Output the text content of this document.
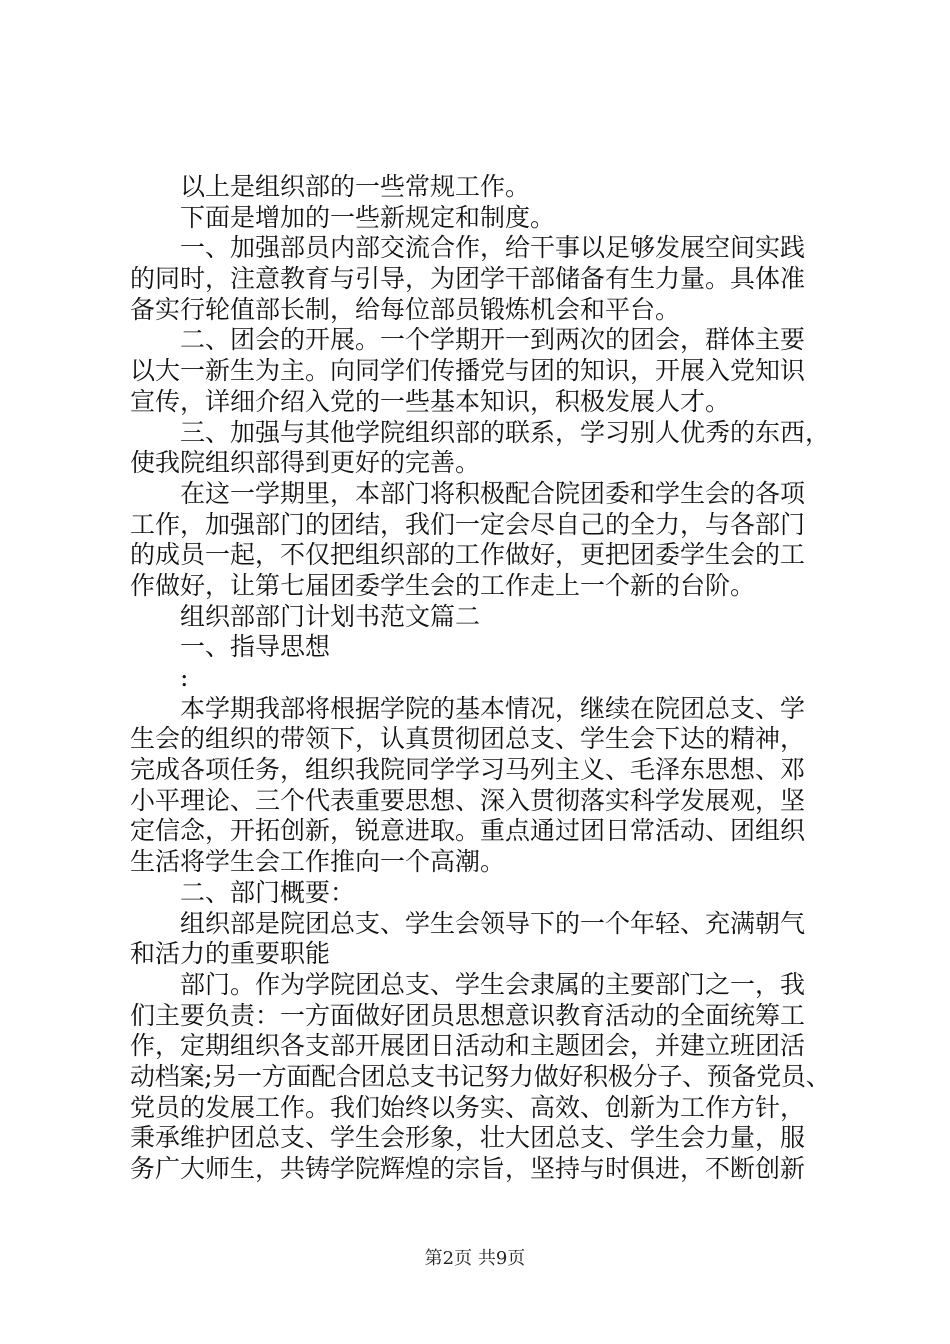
以上是组织部的一些常规工作。
下面是增加的一些新规定和制度。
一、加强部员内部交流合作，给干事以足够发展空间实践
的同时，注意教育与引导，为团学干部储备有生力量。具体准
备实行轮值部长制，给每位部员锻炼机会和平台。
二、团会的开展。一个学期开一到两次的团会，群体主要
以大一新生为主。向同学们传播党与团的知识，开展入党知识
宣传，详细介绍入党的一些基本知识，积极发展人才。
三、加强与其他学院组织部的联系，学习别人优秀的东西，
使我院组织部得到更好的完善。
在这一学期里，本部门将积极配合院团委和学生会的各项
工作，加强部门的团结，我们一定会尽自己的全力，与各部门
的成员一起，不仅把组织部的工作做好，更把团委学生会的工
作做好，让第七届团委学生会的工作走上一个新的台阶。
组织部部门计划书范文篇二
一、指导思想
:
本学期我部将根据学院的基本情况，继续在院团总支、学
生会的组织的带领下，认真贯彻团总支、学生会下达的精神，
完成各项任务，组织我院同学学习马列主义、毛泽东思想、邓
小平理论、三个代表重要思想、深入贯彻落实科学发展观，坚
定信念，开拓创新，锐意进取。重点通过团日常活动、团组织
生活将学生会工作推向一个高潮。
二、部门概要：
组织部是院团总支、学生会领导下的一个年轻、充满朝气
和活力的重要职能
部门。作为学院团总支、学生会隶属的主要部门之一，我
们主要负责：一方面做好团员思想意识教育活动的全面统筹工
作，定期组织各支部开展团日活动和主题团会，并建立班团活
动档案;另一方面配合团总支书记努力做好积极分子、预备党员、
党员的发展工作。我们始终以务实、高效、创新为工作方针，
秉承维护团总支、学生会形象，壮大团总支、学生会力量，服
务广大师生，共铸学院辉煌的宗旨，坚持与时俱进，不断创新
第2页 共9页
